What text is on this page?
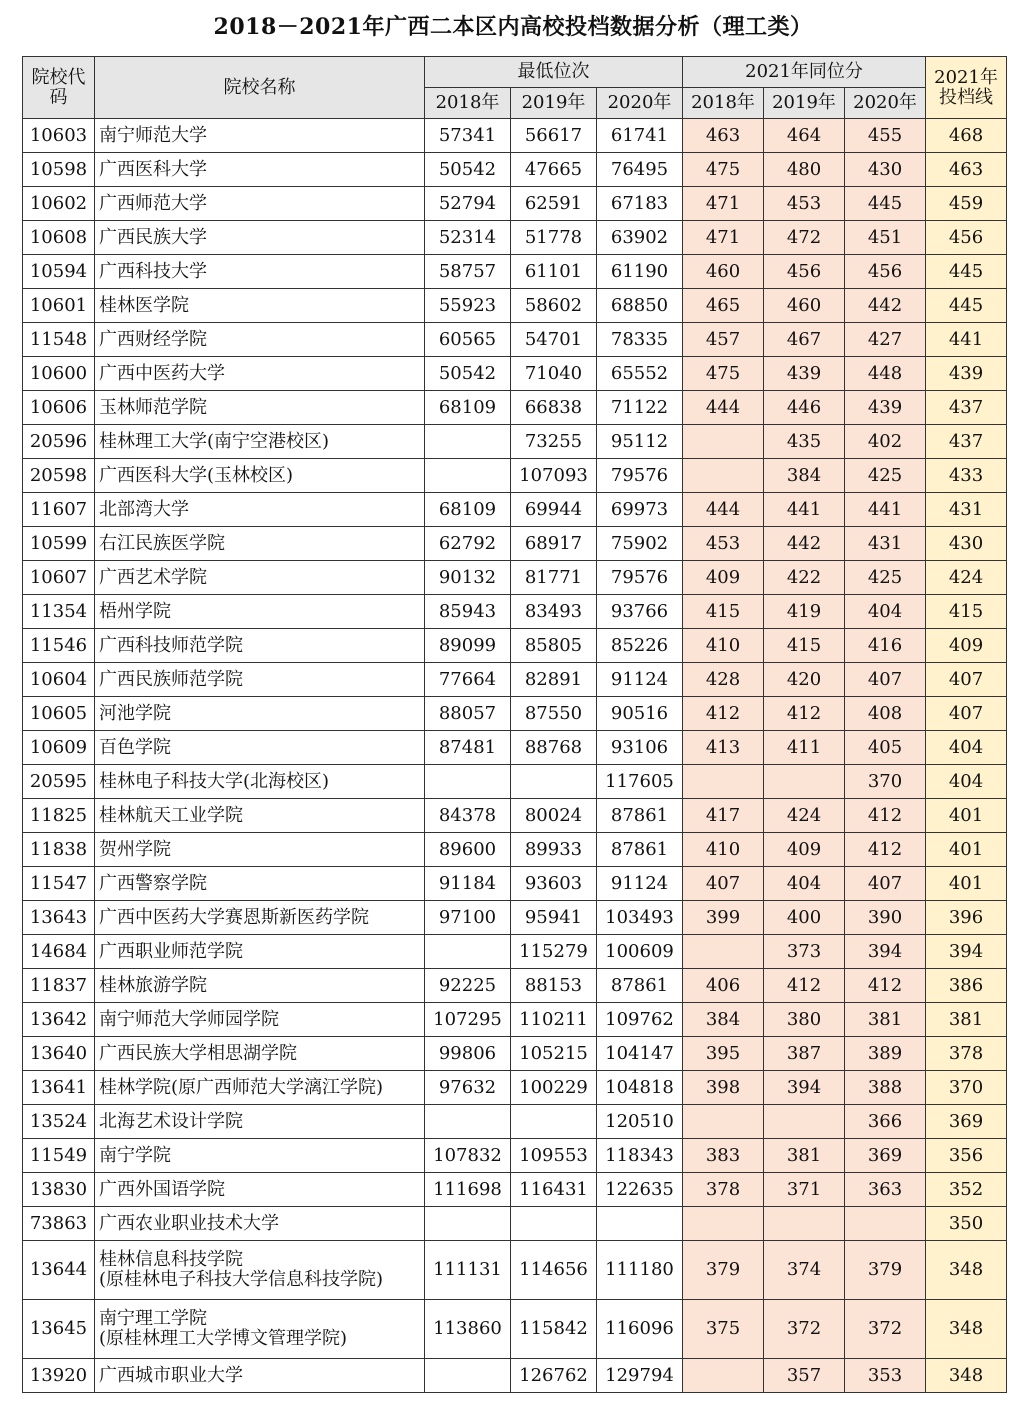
2018－2021年广西二本区内高校投档数据分析（理工类）
院校代码	院校名称	最低位次			2021年同位分			2021年投档线
		2018年	2019年	2020年	2018年	2019年	2020年	
10603	南宁师范大学	57341	56617	61741	463	464	455	468
10598	广西医科大学	50542	47665	76495	475	480	430	463
10602	广西师范大学	52794	62591	67183	471	453	445	459
10608	广西民族大学	52314	51778	63902	471	472	451	456
10594	广西科技大学	58757	61101	61190	460	456	456	445
10601	桂林医学院	55923	58602	68850	465	460	442	445
11548	广西财经学院	60565	54701	78335	457	467	427	441
10600	广西中医药大学	50542	71040	65552	475	439	448	439
10606	玉林师范学院	68109	66838	71122	444	446	439	437
20596	桂林理工大学(南宁空港校区)		73255	95112		435	402	437
20598	广西医科大学(玉林校区)		107093	79576		384	425	433
11607	北部湾大学	68109	69944	69973	444	441	441	431
10599	右江民族医学院	62792	68917	75902	453	442	431	430
10607	广西艺术学院	90132	81771	79576	409	422	425	424
11354	梧州学院	85943	83493	93766	415	419	404	415
11546	广西科技师范学院	89099	85805	85226	410	415	416	409
10604	广西民族师范学院	77664	82891	91124	428	420	407	407
10605	河池学院	88057	87550	90516	412	412	408	407
10609	百色学院	87481	88768	93106	413	411	405	404
20595	桂林电子科技大学(北海校区)			117605			370	404
11825	桂林航天工业学院	84378	80024	87861	417	424	412	401
11838	贺州学院	89600	89933	87861	410	409	412	401
11547	广西警察学院	91184	93603	91124	407	404	407	401
13643	广西中医药大学赛恩斯新医药学院	97100	95941	103493	399	400	390	396
14684	广西职业师范学院		115279	100609		373	394	394
11837	桂林旅游学院	92225	88153	87861	406	412	412	386
13642	南宁师范大学师园学院	107295	110211	109762	384	380	381	381
13640	广西民族大学相思湖学院	99806	105215	104147	395	387	389	378
13641	桂林学院(原广西师范大学漓江学院)	97632	100229	104818	398	394	388	370
13524	北海艺术设计学院			120510			366	369
11549	南宁学院	107832	109553	118343	383	381	369	356
13830	广西外国语学院	111698	116431	122635	378	371	363	352
73863	广西农业职业技术大学							350
13644	桂林信息科技学院
(原桂林电子科技大学信息科技学院)	111131	114656	111180	379	374	379	348
13645	南宁理工学院
(原桂林理工大学博文管理学院)	113860	115842	116096	375	372	372	348
13920	广西城市职业大学		126762	129794		357	353	348
